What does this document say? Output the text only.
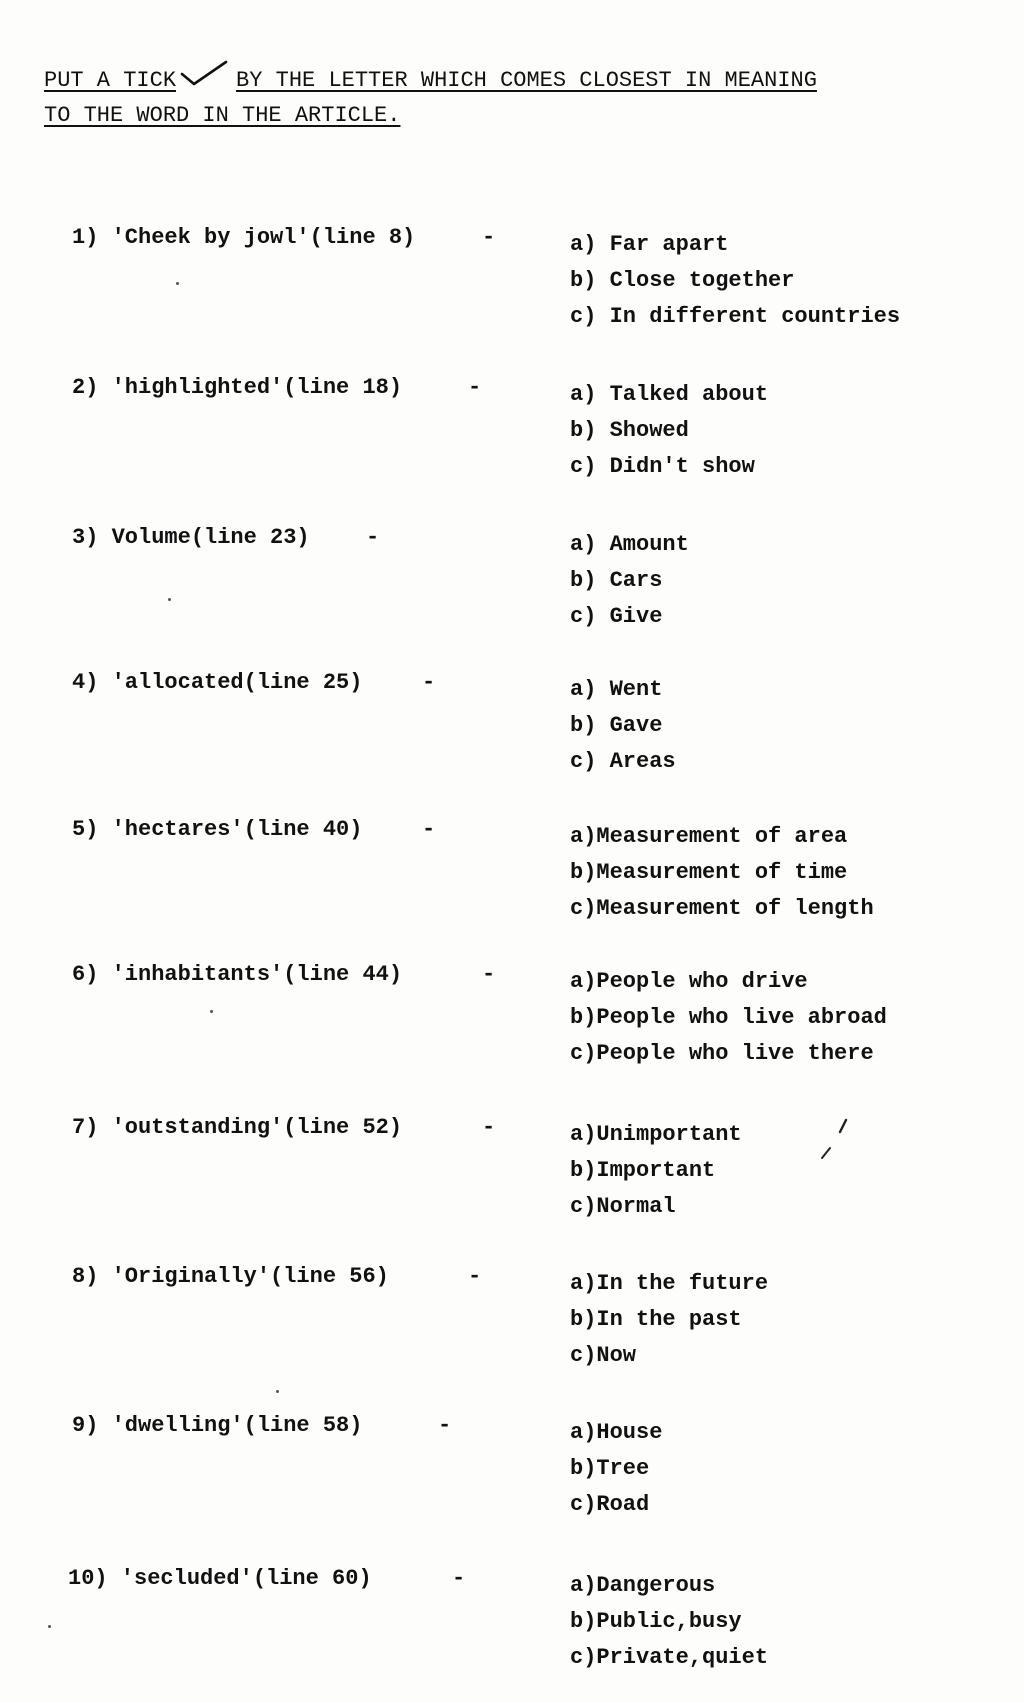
PUT A TICK	BY THE LETTER WHICH COMES CLOSEST IN MEANING
TO THE WORD IN THE ARTICLE.
1) 'Cheek by jowl'(line 8)	-	a) Far apart
b) Close together
c) In different countries
2) 'highlighted'(line 18)	-	a) Talked about
b) Showed
c) Didn't show
3) Volume(line 23)	-	a) Amount
b) Cars
c) Give
4) 'allocated(line 25)	-	a) Went
b) Gave
c) Areas
5) 'hectares'(line 40)	-	a)Measurement of area
b)Measurement of time
c)Measurement of length
6) 'inhabitants'(line 44)	-	a)People who drive
b)People who live abroad
c)People who live there
7) 'outstanding'(line 52)	-	a)Unimportant
b)Important
c)Normal
8) 'Originally'(line 56)	-	a)In the future
b)In the past
c)Now
9) 'dwelling'(line 58)	-	a)House
b)Tree
c)Road
10) 'secluded'(line 60)	-	a)Dangerous
b)Public,busy
c)Private,quiet
